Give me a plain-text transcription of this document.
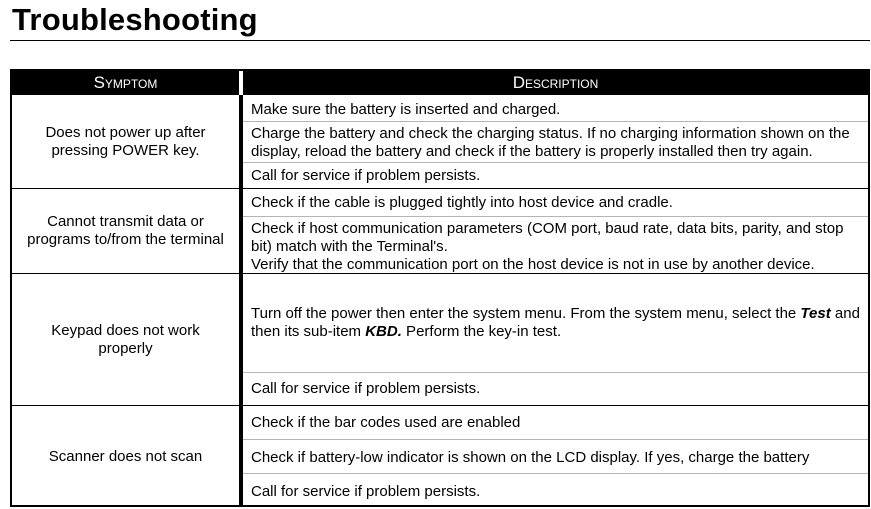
Troubleshooting
Symptom	Description
Does not power up after pressing POWER key.
Make sure the battery is inserted and charged.
Charge the battery and check the charging status. If no charging information shown on the display, reload the battery and check if the battery is properly installed then try again.
Call for service if problem persists.
Cannot transmit data or programs to/from the terminal
Check if the cable is plugged tightly into host device and cradle.
Check if host communication parameters (COM port, baud rate, data bits, parity, and stop bit) match with the Terminal's.
Verify that the communication port on the host device is not in use by another device.
Keypad does not work properly
Turn off the power then enter the system menu. From the system menu, select the Test and then its sub-item KBD. Perform the key-in test.
Call for service if problem persists.
Scanner does not scan
Check if the bar codes used are enabled
Check if battery-low indicator is shown on the LCD display. If yes, charge the battery
Call for service if problem persists.
